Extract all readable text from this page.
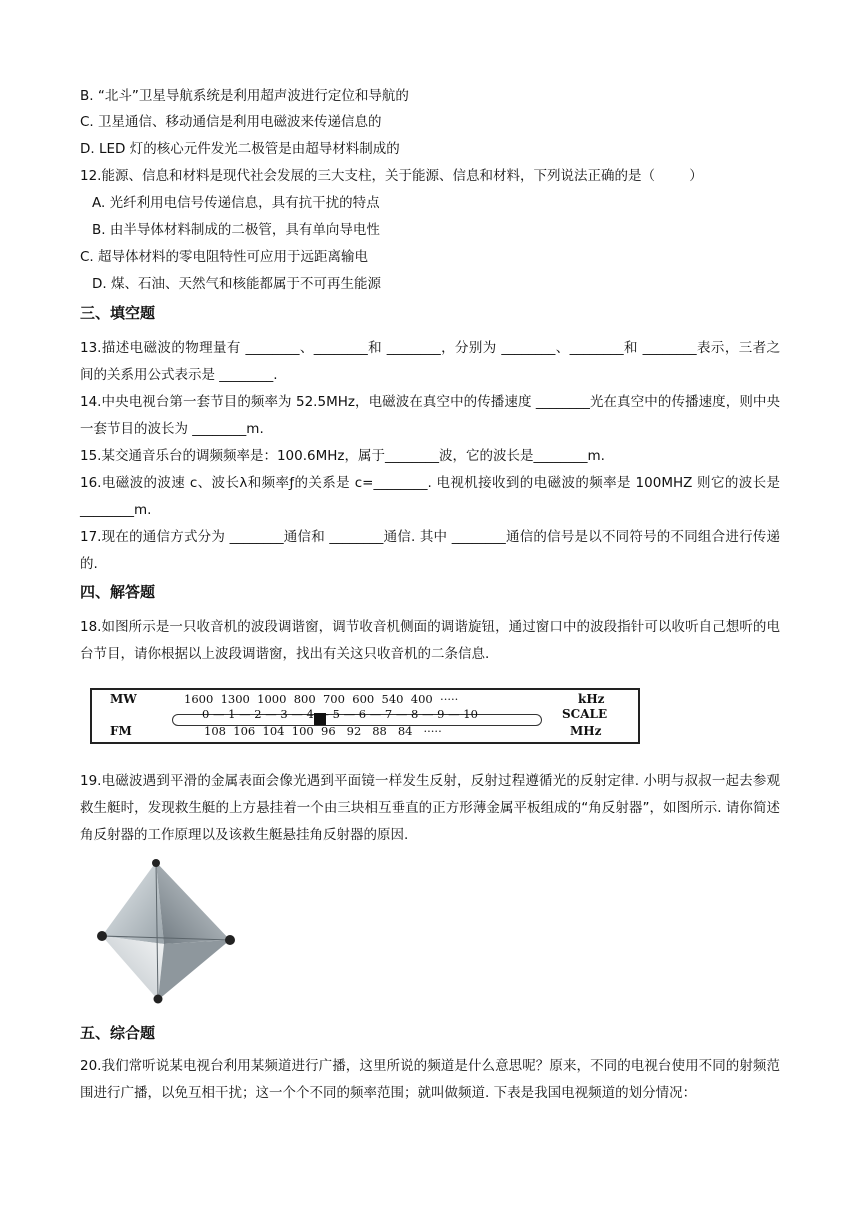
B. “北斗”卫星导航系统是利用超声波进行定位和导航的
C. 卫星通信、移动通信是利用电磁波来传递信息的
D. LED 灯的核心元件发光二极管是由超导材料制成的
12.能源、信息和材料是现代社会发展的三大支柱，关于能源、信息和材料，下列说法正确的是（        ）
A. 光纤利用电信号传递信息，具有抗干扰的特点
B. 由半导体材料制成的二极管，具有单向导电性
C. 超导体材料的零电阻特性可应用于远距离输电
D. 煤、石油、天然气和核能都属于不可再生能源
三、填空题
13.描述电磁波的物理量有 ________、________和 ________，分别为 ________、________和 ________表示，三者之间的关系用公式表示是 ________.
14.中央电视台第一套节目的频率为 52.5MHz，电磁波在真空中的传播速度 ________光在真空中的传播速度，则中央一套节目的波长为 ________m.
15.某交通音乐台的调频频率是：100.6MHz，属于________波，它的波长是________m.
16.电磁波的波速 c、波长λ和频率ƒ的关系是 c=________. 电视机接收到的电磁波的频率是 100MHZ 则它的波长是________m.
17.现在的通信方式分为 ________通信和 ________通信. 其中 ________通信的信号是以不同符号的不同组合进行传递的.
四、解答题
18.如图所示是一只收音机的波段调谐窗，调节收音机侧面的调谐旋钮，通过窗口中的波段指针可以收听自己想听的电台节目，请你根据以上波段调谐窗，找出有关这只收音机的二条信息.
MW	1600  1300  1000  800  700  600  540  400  ·····	kHz
0 — 1 — 2 — 3 — 4 — 5 — 6 — 7 — 8 — 9 — 10	SCALE
FM	108  106  104  100  96   92   88   84   ·····	MHz
19.电磁波遇到平滑的金属表面会像光遇到平面镜一样发生反射，反射过程遵循光的反射定律. 小明与叔叔一起去参观救生艇时，发现救生艇的上方悬挂着一个由三块相互垂直的正方形薄金属平板组成的“角反射器”，如图所示. 请你简述角反射器的工作原理以及该救生艇悬挂角反射器的原因.
五、综合题
20.我们常听说某电视台利用某频道进行广播，这里所说的频道是什么意思呢？原来，不同的电视台使用不同的射频范围进行广播，以免互相干扰；这一个个不同的频率范围；就叫做频道. 下表是我国电视频道的划分情况：
